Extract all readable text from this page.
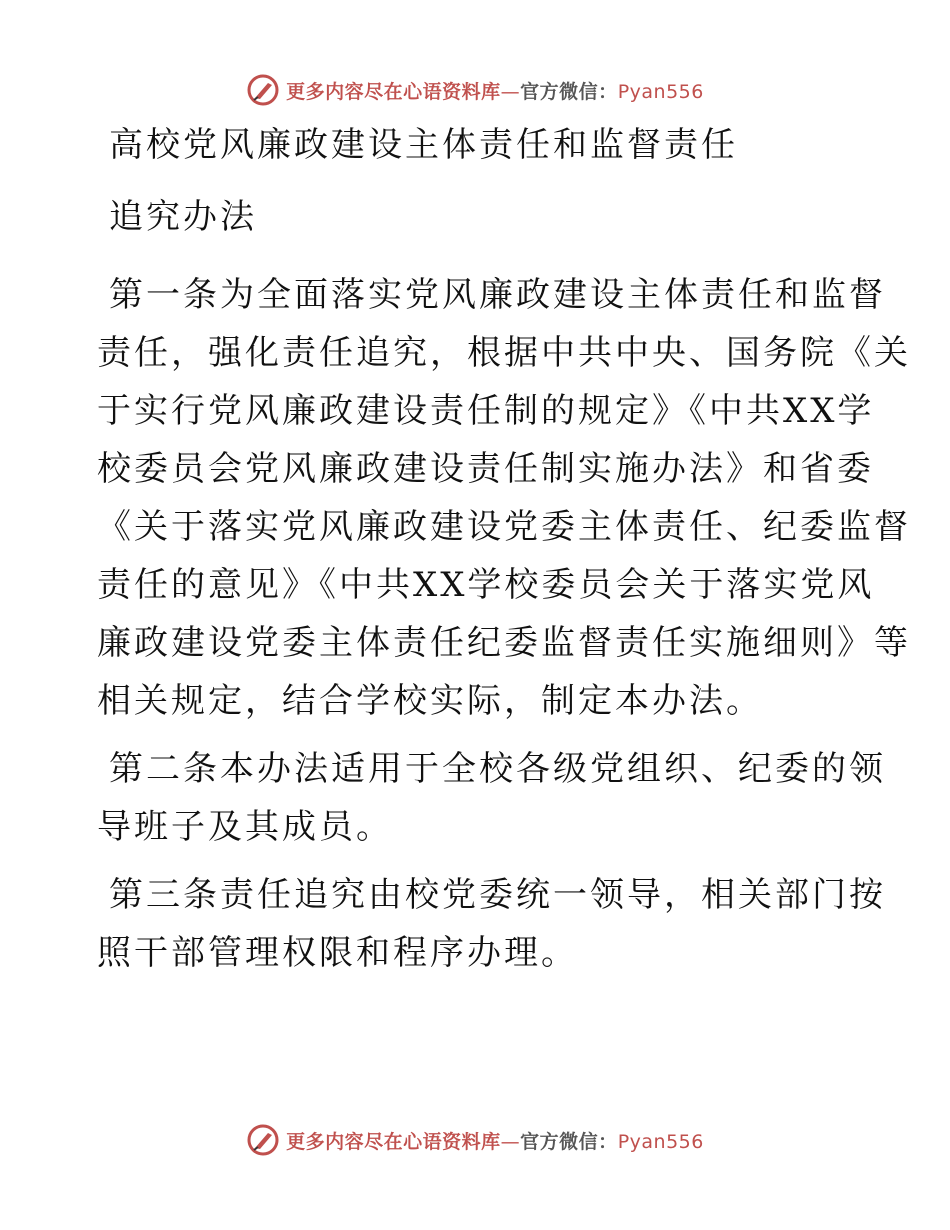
更多内容尽在心语资料库—官方微信：Pyan556

高校党风廉政建设主体责任和监督责任

追究办法

第一条为全面落实党风廉政建设主体责任和监督
责任，强化责任追究，根据中共中央、国务院《关
于实行党风廉政建设责任制的规定》《中共XX学
校委员会党风廉政建设责任制实施办法》和省委
《关于落实党风廉政建设党委主体责任、纪委监督
责任的意见》《中共XX学校委员会关于落实党风
廉政建设党委主体责任纪委监督责任实施细则》等
相关规定，结合学校实际，制定本办法。
第二条本办法适用于全校各级党组织、纪委的领
导班子及其成员。
第三条责任追究由校党委统一领导，相关部门按
照干部管理权限和程序办理。
更多内容尽在心语资料库—官方微信：Pyan556
